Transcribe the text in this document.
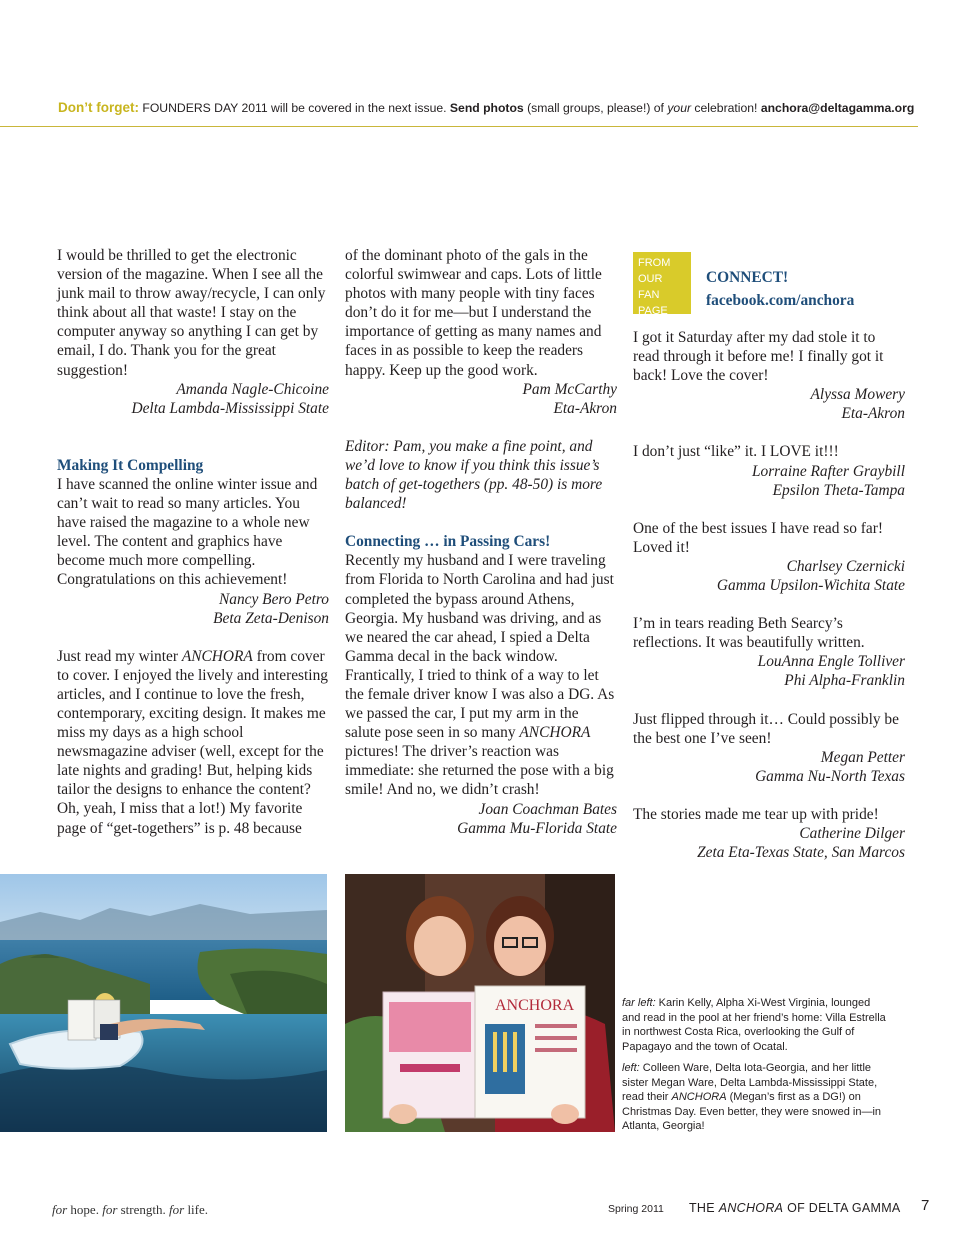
Don’t forget: FOUNDERS DAY 2011 will be covered in the next issue. Send photos (small groups, please!) of your celebration! anchora@deltagamma.org

I would be thrilled to get the electronic version of the magazine. When I see all the junk mail to throw away/recycle, I can only think about all that waste! I stay on the computer anyway so anything I can get by email, I do. Thank you for the great suggestion!

Amanda Nagle-Chicoine

Delta Lambda-Mississippi State

Making It Compelling

I have scanned the online winter issue and can’t wait to read so many articles. You have raised the magazine to a whole new level. The content and graphics have become much more compelling. Congratulations on this achievement!

Nancy Bero Petro

Beta Zeta-Denison

Just read my winter ANCHORA from cover to cover. I enjoyed the lively and interesting articles, and I continue to love the fresh, contemporary, exciting design. It makes me miss my days as a high school newsmagazine adviser (well, except for the late nights and grading! But, helping kids tailor the designs to enhance the content? Oh, yeah, I miss that a lot!) My favorite page of “get-togethers” is p. 48 because

of the dominant photo of the gals in the colorful swimwear and caps. Lots of little photos with many people with tiny faces don’t do it for me—but I understand the importance of getting as many names and faces in as possible to keep the readers happy. Keep up the good work.

Pam McCarthy

Eta-Akron

Editor: Pam, you make a fine point, and we’d love to know if you think this issue’s batch of get-togethers (pp. 48-50) is more balanced!

Connecting … in Passing Cars!

Recently my husband and I were traveling from Florida to North Carolina and had just completed the bypass around Athens, Georgia. My husband was driving, and as we neared the car ahead, I spied a Delta Gamma decal in the back window. Frantically, I tried to think of a way to let the female driver know I was also a DG. As we passed the car, I put my arm in the salute pose seen in so many ANCHORA pictures! The driver’s reaction was immediate: she returned the pose with a big smile! And no, we didn’t crash!

Joan Coachman Bates

Gamma Mu-Florida State

FROM
OUR
FAN PAGE
CONNECT!
facebook.com/anchora

I got it Saturday after my dad stole it to read through it before me! I finally got it back! Love the cover!

Alyssa Mowery

Eta-Akron

I don’t just “like” it. I LOVE it!!!

Lorraine Rafter Graybill

Epsilon Theta-Tampa

One of the best issues I have read so far! Loved it!

Charlsey Czernicki

Gamma Upsilon-Wichita State

I’m in tears reading Beth Searcy’s reflections. It was beautifully written.

LouAnna Engle Tolliver

Phi Alpha-Franklin

Just flipped through it… Could possibly be the best one I’ve seen!

Megan Petter

Gamma Nu-North Texas

The stories made me tear up with pride!

Catherine Dilger

Zeta Eta-Texas State, San Marcos

ANCHORA	far left: Karin Kelly, Alpha Xi-West Virginia, lounged and read in the pool at her friend’s home: Villa Estrella in northwest Costa Rica, overlooking the Gulf of Papagayo and the town of Ocatal.

left: Colleen Ware, Delta Iota-Georgia, and her little sister Megan Ware, Delta Lambda-Mississippi State, read their ANCHORA (Megan’s first as a DG!) on Christmas Day. Even better, they were snowed in—in Atlanta, Georgia!

for hope. for strength. for life.	Spring 2011 THE ANCHORA OF DELTA GAMMA 7
